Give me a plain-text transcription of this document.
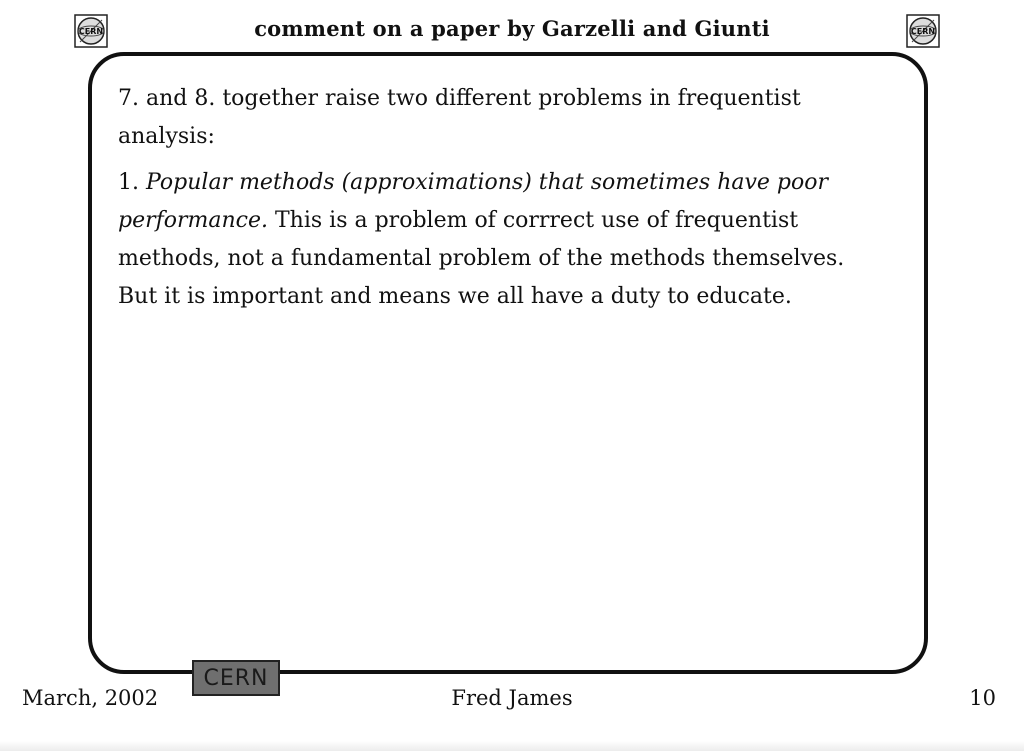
CERN	comment on a paper by Garzelli and Giunti	CERN

7. and 8. together raise two different problems in frequentist analysis:

1. Popular methods (approximations) that sometimes have poor performance. This is a problem of corrrect use of frequentist methods, not a fundamental problem of the methods themselves. But it is important and means we all have a duty to educate.

CERN
March, 2002	Fred James	10
